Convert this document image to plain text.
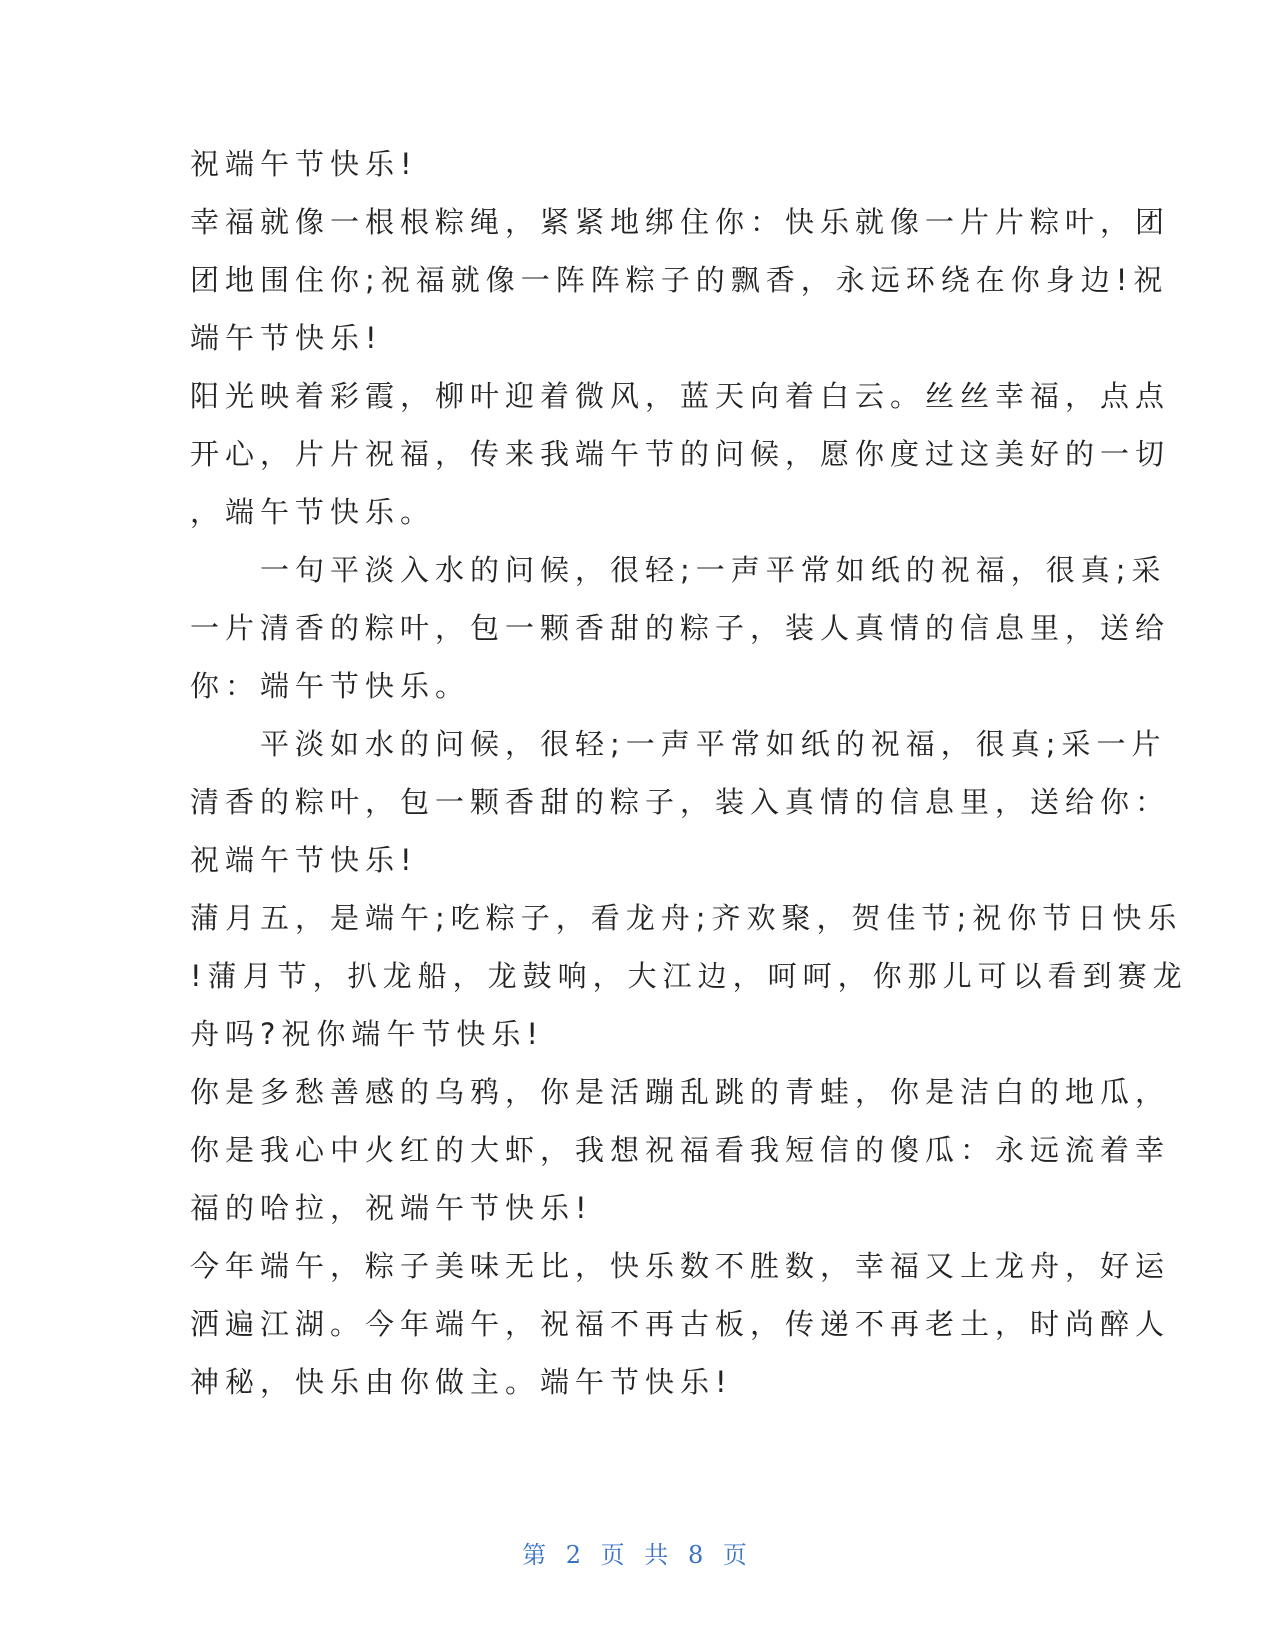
祝端午节快乐!
幸福就像一根根粽绳，紧紧地绑住你：快乐就像一片片粽叶，团
团地围住你;祝福就像一阵阵粽子的飘香，永远环绕在你身边!祝
端午节快乐!
阳光映着彩霞，柳叶迎着微风，蓝天向着白云。丝丝幸福，点点
开心，片片祝福，传来我端午节的问候，愿你度过这美好的一切
，端午节快乐。
　　一句平淡入水的问候，很轻;一声平常如纸的祝福，很真;采
一片清香的粽叶，包一颗香甜的粽子，装人真情的信息里，送给
你：端午节快乐。
　　平淡如水的问候，很轻;一声平常如纸的祝福，很真;采一片
清香的粽叶，包一颗香甜的粽子，装入真情的信息里，送给你：
祝端午节快乐!
蒲月五，是端午;吃粽子，看龙舟;齐欢聚，贺佳节;祝你节日快乐
!蒲月节，扒龙船，龙鼓响，大江边，呵呵，你那儿可以看到赛龙
舟吗?祝你端午节快乐!
你是多愁善感的乌鸦，你是活蹦乱跳的青蛙，你是洁白的地瓜，
你是我心中火红的大虾，我想祝福看我短信的傻瓜：永远流着幸
福的哈拉，祝端午节快乐!
今年端午，粽子美味无比，快乐数不胜数，幸福又上龙舟，好运
洒遍江湖。今年端午，祝福不再古板，传递不再老土，时尚醉人
神秘，快乐由你做主。端午节快乐!
第 2 页 共 8 页
